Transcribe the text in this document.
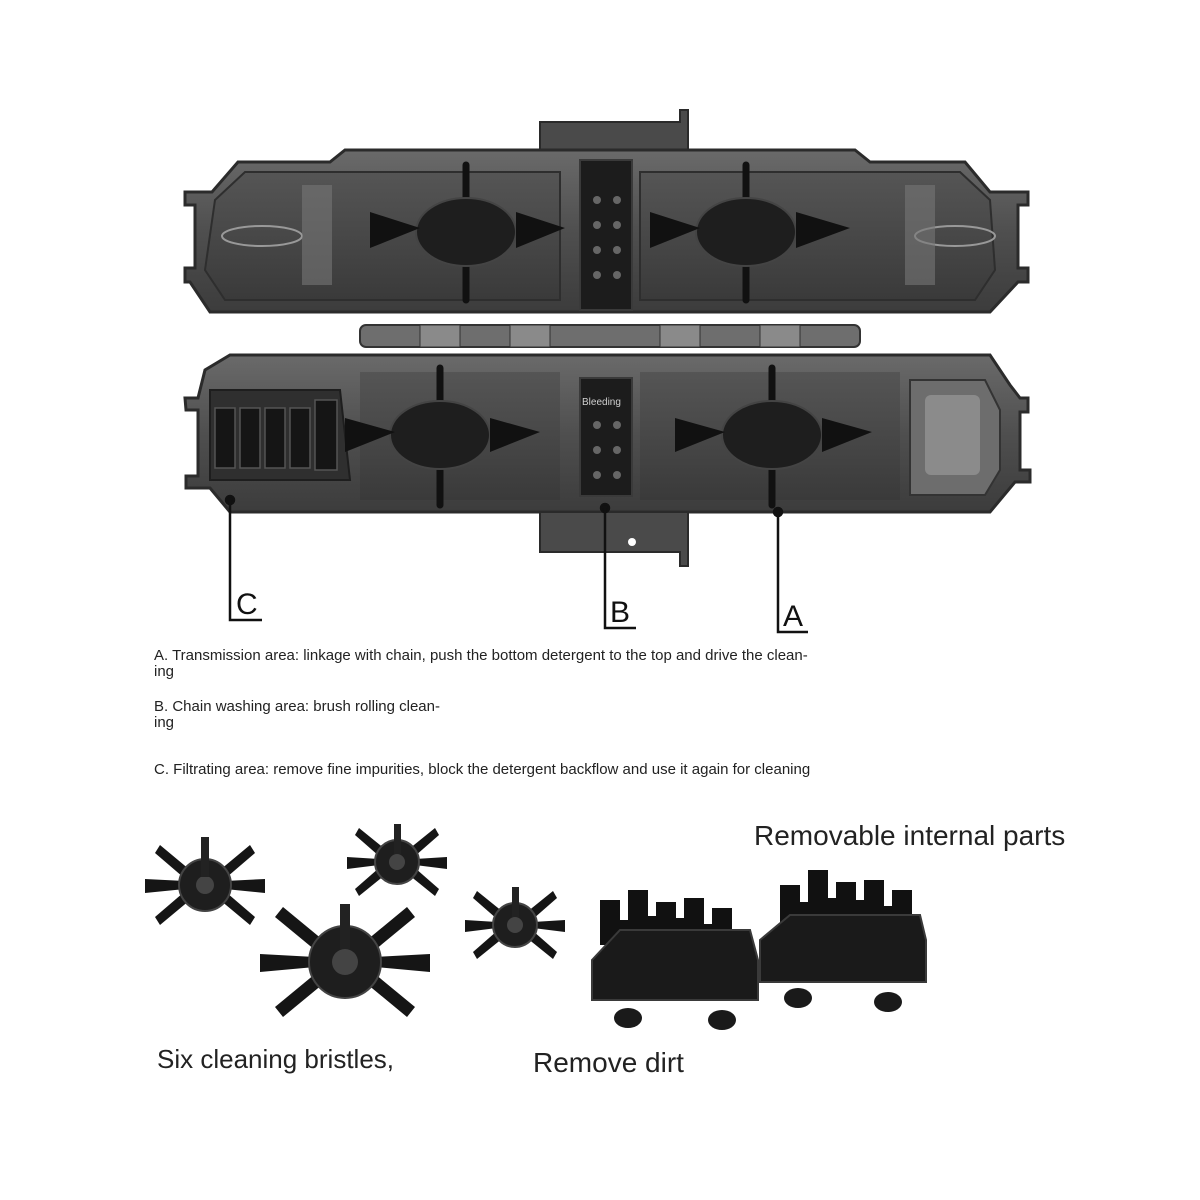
Bleeding
C	B	A
A. Transmission area: linkage with chain, push the bottom detergent to the top and drive the clean-
ing
B. Chain washing area: brush rolling clean-
ing
C. Filtrating area: remove fine impurities, block the detergent backflow and use it again for cleaning
Removable internal parts
Six cleaning bristles,	Remove dirt
